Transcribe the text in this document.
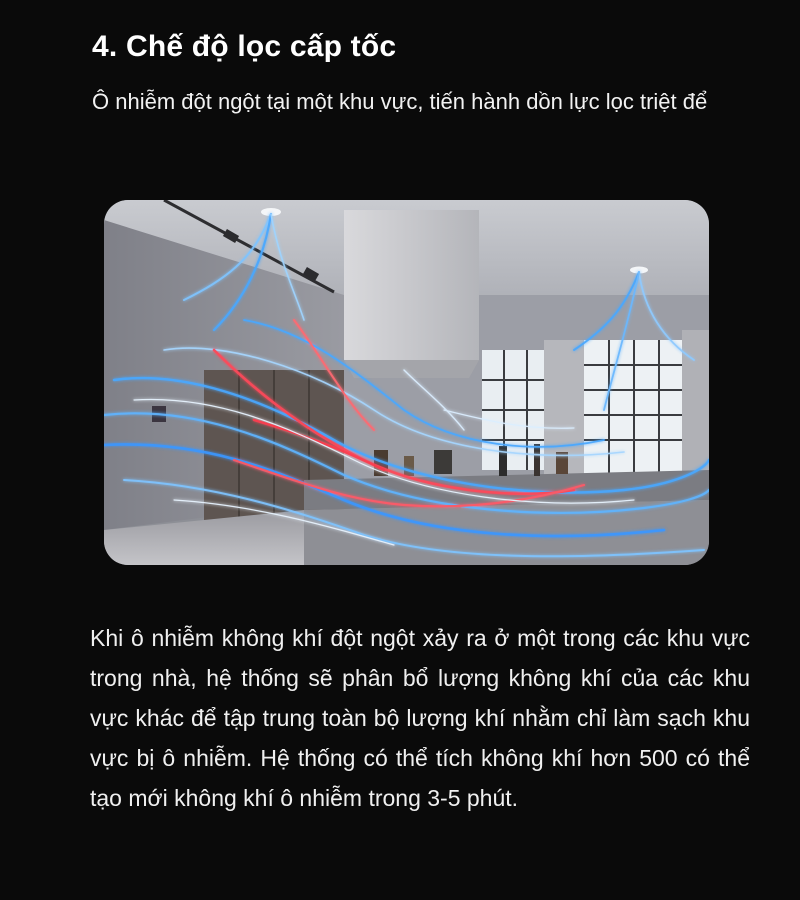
4. Chế độ lọc cấp tốc

Ô nhiễm đột ngột tại một khu vực, tiến hành dồn lực lọc triệt để

Khi ô nhiễm không khí đột ngột xảy ra ở một trong các khu vực trong nhà, hệ thống sẽ phân bổ lượng không khí của các khu vực khác để tập trung toàn bộ lượng khí nhằm chỉ làm sạch khu vực bị ô nhiễm. Hệ thống có thể tích không khí hơn 500 có thể tạo mới không khí ô nhiễm trong 3-5 phút.
